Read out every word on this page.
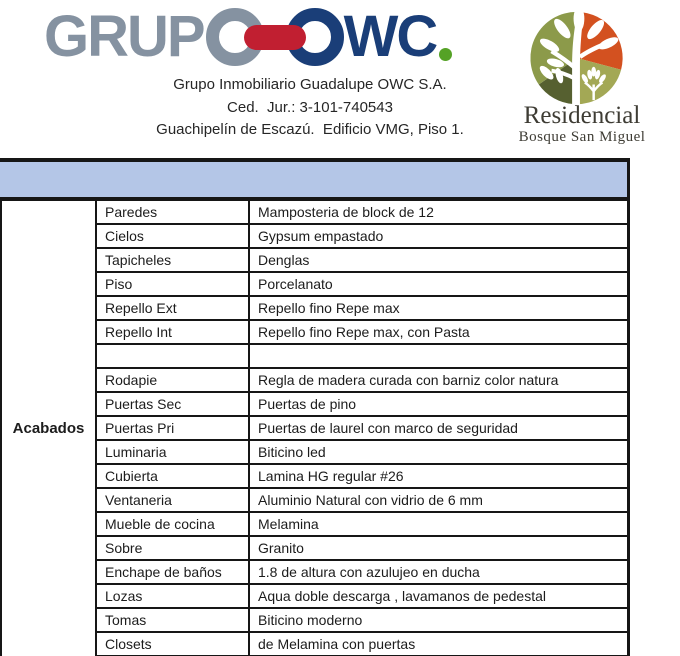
GRUP WC
Grupo Inmobiliario Guadalupe OWC S.A.
Ced.  Jur.: 3-101-740543
Guachipelín de Escazú.  Edificio VMG, Piso 1.
Residencial
Bosque San Miguel
Acabados
Paredes	Mamposteria de block de 12
Cielos	Gypsum empastado
Tapicheles	Denglas
Piso	Porcelanato
Repello Ext	Repello fino Repe max
Repello Int	Repello fino Repe max, con Pasta
Rodapie	Regla de madera curada con barniz color natura
Puertas Sec	Puertas de pino
Puertas Pri	Puertas de laurel con marco de seguridad
Luminaria	Biticino led
Cubierta	Lamina HG regular #26
Ventaneria	Aluminio Natural con vidrio de 6 mm
Mueble de cocina	Melamina
Sobre	Granito
Enchape de baños	1.8 de altura con azulujeo en ducha
Lozas	Aqua doble descarga , lavamanos de pedestal
Tomas	Biticino moderno
Closets	de Melamina con puertas
